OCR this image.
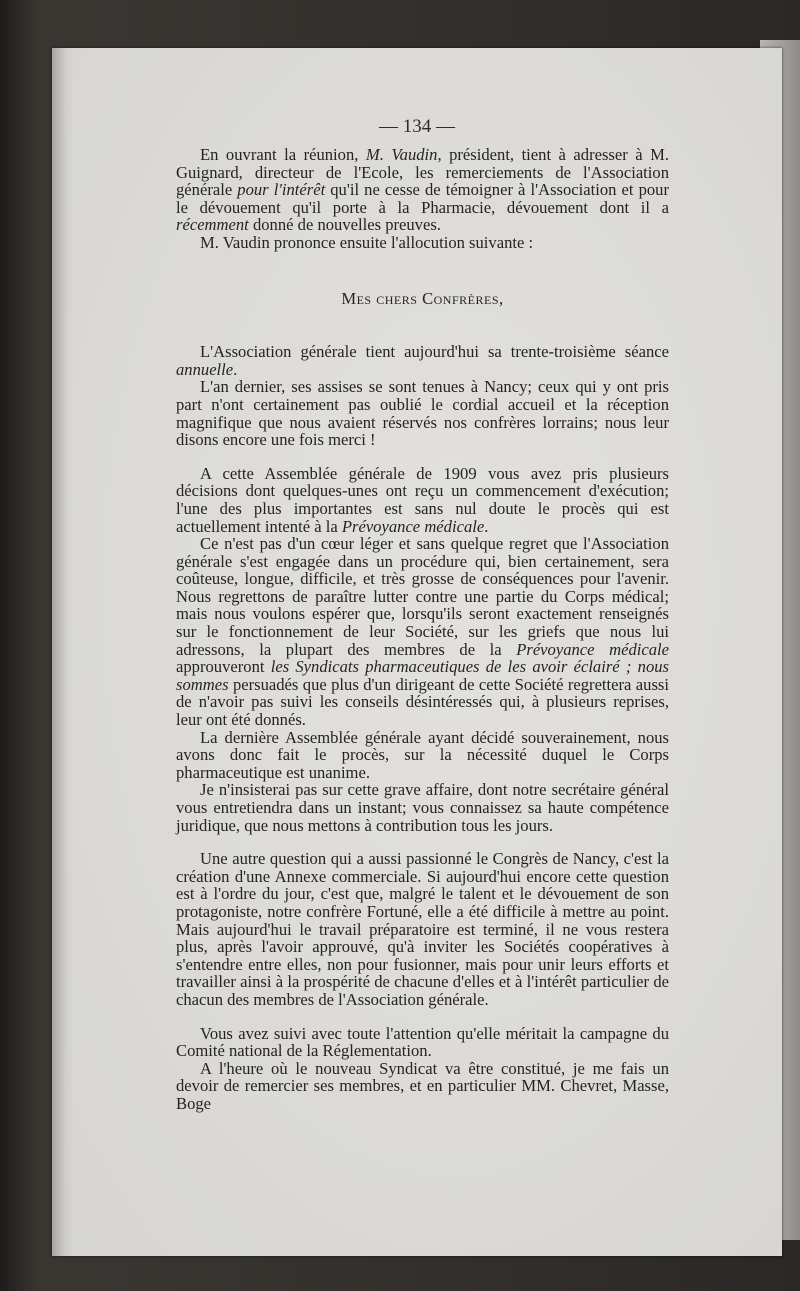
— 134 —

En ouvrant la réunion, M. Vaudin, président, tient à adresser à M. Guignard, directeur de l'Ecole, les remerciements de l'Association générale pour l'intérêt qu'il ne cesse de témoigner à l'Association et pour le dévouement qu'il porte à la Pharmacie, dévouement dont il a récemment donné de nouvelles preuves.

M. Vaudin prononce ensuite l'allocution suivante :

Mes chers Confrères,

L'Association générale tient aujourd'hui sa trente-troisième séance annuelle.

L'an dernier, ses assises se sont tenues à Nancy; ceux qui y ont pris part n'ont certainement pas oublié le cordial accueil et la réception magnifique que nous avaient réservés nos confrères lorrains; nous leur disons encore une fois merci !

A cette Assemblée générale de 1909 vous avez pris plusieurs décisions dont quelques-unes ont reçu un commencement d'exécution; l'une des plus importantes est sans nul doute le procès qui est actuellement intenté à la Prévoyance médicale.

Ce n'est pas d'un cœur léger et sans quelque regret que l'Association générale s'est engagée dans un procédure qui, bien certainement, sera coûteuse, longue, difficile, et très grosse de conséquences pour l'avenir. Nous regrettons de paraître lutter contre une partie du Corps médical; mais nous voulons espérer que, lorsqu'ils seront exactement renseignés sur le fonctionnement de leur Société, sur les griefs que nous lui adressons, la plupart des membres de la Prévoyance médicale approuveront les Syndicats pharmaceutiques de les avoir éclairé ; nous sommes persuadés que plus d'un dirigeant de cette Société regrettera aussi de n'avoir pas suivi les conseils désintéressés qui, à plusieurs reprises, leur ont été donnés.

La dernière Assemblée générale ayant décidé souverainement, nous avons donc fait le procès, sur la nécessité duquel le Corps pharmaceutique est unanime.

Je n'insisterai pas sur cette grave affaire, dont notre secrétaire général vous entretiendra dans un instant; vous connaissez sa haute compétence juridique, que nous mettons à contribution tous les jours.

Une autre question qui a aussi passionné le Congrès de Nancy, c'est la création d'une Annexe commerciale. Si aujourd'hui encore cette question est à l'ordre du jour, c'est que, malgré le talent et le dévouement de son protagoniste, notre confrère Fortuné, elle a été difficile à mettre au point. Mais aujourd'hui le travail préparatoire est terminé, il ne vous restera plus, après l'avoir approuvé, qu'à inviter les Sociétés coopératives à s'entendre entre elles, non pour fusionner, mais pour unir leurs efforts et travailler ainsi à la prospérité de chacune d'elles et à l'intérêt particulier de chacun des membres de l'Association générale.

Vous avez suivi avec toute l'attention qu'elle méritait la campagne du Comité national de la Réglementation.

A l'heure où le nouveau Syndicat va être constitué, je me fais un devoir de remercier ses membres, et en particulier MM. Chevret, Masse, Boge
